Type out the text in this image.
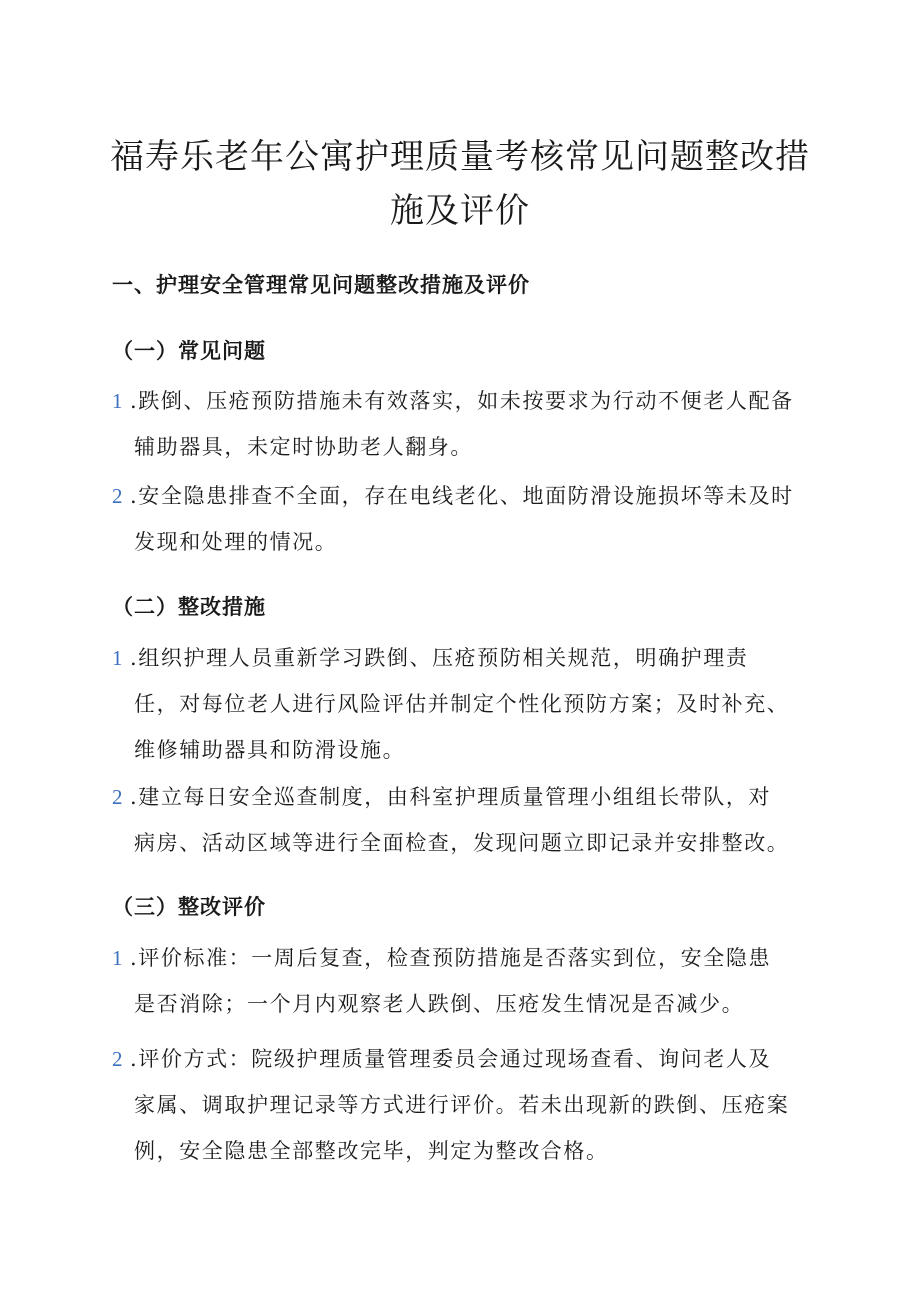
福寿乐老年公寓护理质量考核常见问题整改措
施及评价
一、护理安全管理常见问题整改措施及评价
（一）常见问题
1 .跌倒、压疮预防措施未有效落实，如未按要求为行动不便老人配备
辅助器具，未定时协助老人翻身。
2 .安全隐患排查不全面，存在电线老化、地面防滑设施损坏等未及时
发现和处理的情况。
（二）整改措施
1 .组织护理人员重新学习跌倒、压疮预防相关规范，明确护理责
任，对每位老人进行风险评估并制定个性化预防方案；及时补充、
维修辅助器具和防滑设施。
2 .建立每日安全巡查制度，由科室护理质量管理小组组长带队，对
病房、活动区域等进行全面检查，发现问题立即记录并安排整改。
（三）整改评价
1 .评价标准：一周后复查，检查预防措施是否落实到位，安全隐患
是否消除；一个月内观察老人跌倒、压疮发生情况是否减少。
2 .评价方式：院级护理质量管理委员会通过现场查看、询问老人及
家属、调取护理记录等方式进行评价。若未出现新的跌倒、压疮案
例，安全隐患全部整改完毕，判定为整改合格。
